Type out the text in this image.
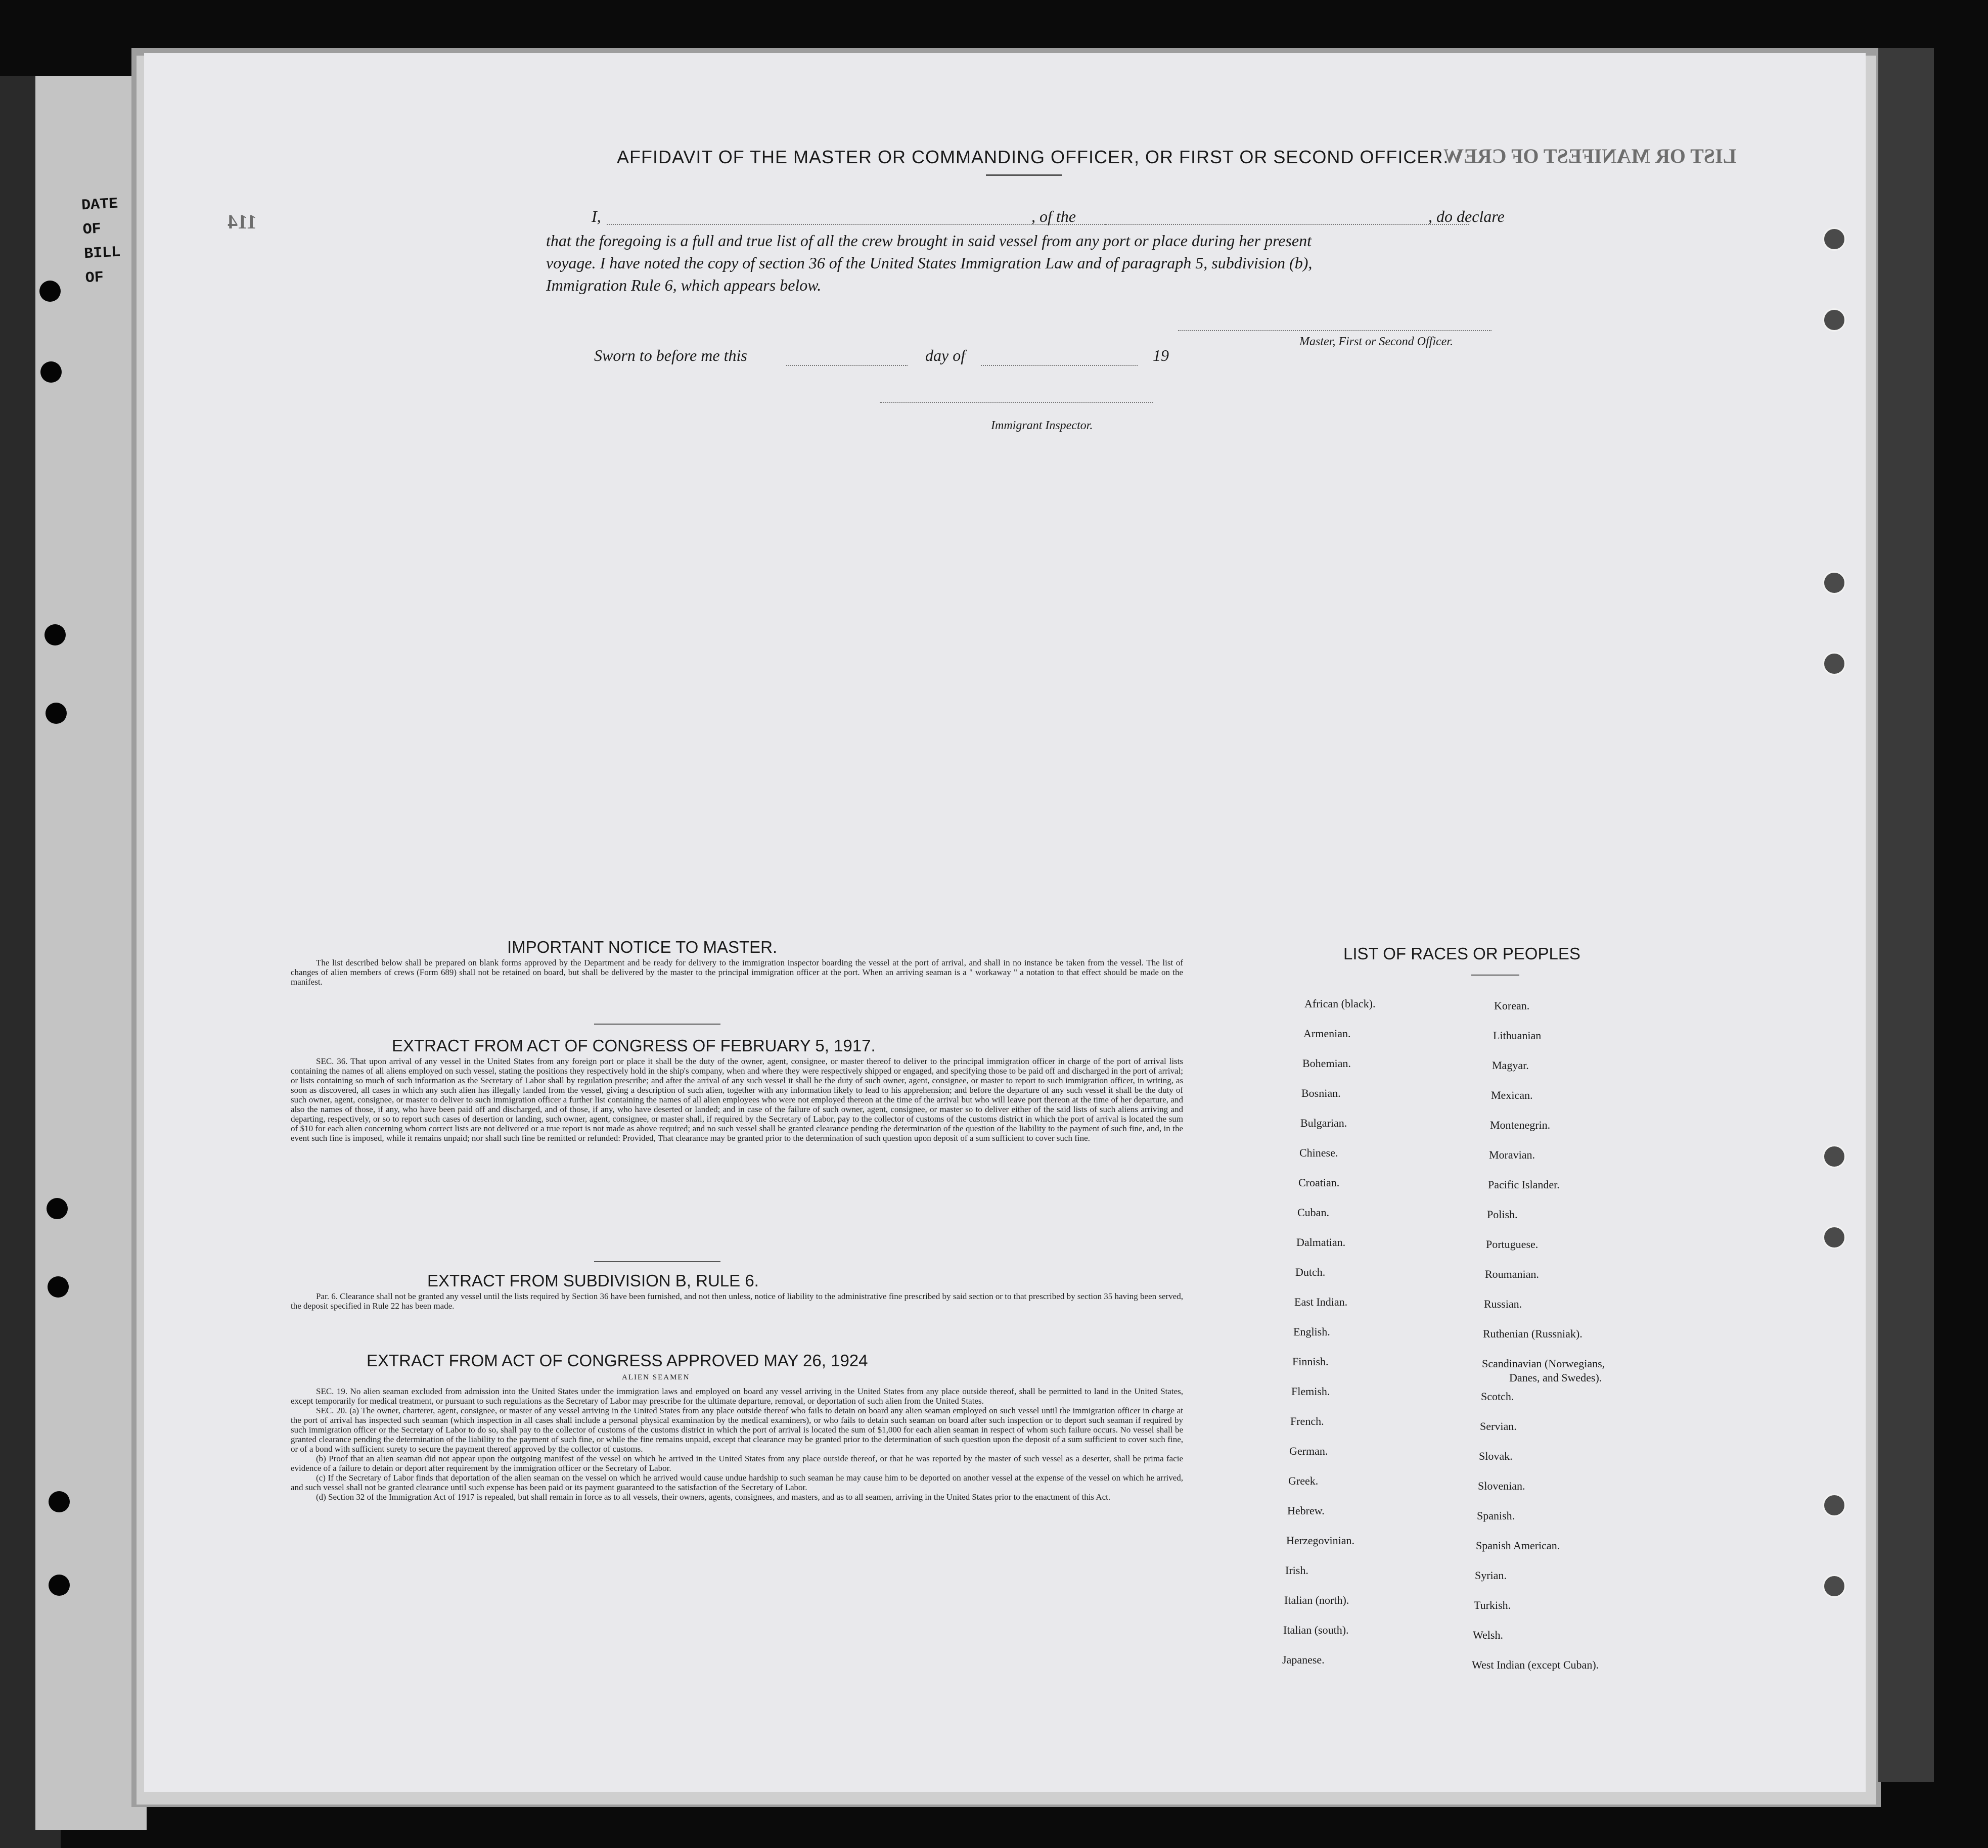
DATE OF BILL OF
LIST OR MANIFEST OF CREW
114
AFFIDAVIT OF THE MASTER OR COMMANDING OFFICER, OR FIRST OR SECOND OFFICER.
I,	, of the	, do declare
that the foregoing is a full and true list of all the crew brought in said vessel from any port or place during her present
voyage. I have noted the copy of section 36 of the United States Immigration Law and of paragraph 5, subdivision (b),
Immigration Rule 6, which appears below.
Master, First or Second Officer.
Sworn to before me this	day of	19
Immigrant Inspector.
IMPORTANT NOTICE TO MASTER.
The list described below shall be prepared on blank forms approved by the Department and be ready for delivery to the immigration inspector boarding the vessel at the port of arrival, and shall in no instance be taken from the vessel. The list of changes of alien members of crews (Form 689) shall not be retained on board, but shall be delivered by the master to the principal immigration officer at the port. When an arriving seaman is a " workaway " a notation to that effect should be made on the manifest.
EXTRACT FROM ACT OF CONGRESS OF FEBRUARY 5, 1917.
SEC. 36. That upon arrival of any vessel in the United States from any foreign port or place it shall be the duty of the owner, agent, consignee, or master thereof to deliver to the principal immigration officer in charge of the port of arrival lists containing the names of all aliens employed on such vessel, stating the positions they respectively hold in the ship's company, when and where they were respectively shipped or engaged, and specifying those to be paid off and discharged in the port of arrival; or lists containing so much of such information as the Secretary of Labor shall by regulation prescribe; and after the arrival of any such vessel it shall be the duty of such owner, agent, consignee, or master to report to such immigration officer, in writing, as soon as discovered, all cases in which any such alien has illegally landed from the vessel, giving a description of such alien, together with any information likely to lead to his apprehension; and before the departure of any such vessel it shall be the duty of such owner, agent, consignee, or master to deliver to such immigration officer a further list containing the names of all alien employees who were not employed thereon at the time of the arrival but who will leave port thereon at the time of her departure, and also the names of those, if any, who have been paid off and discharged, and of those, if any, who have deserted or landed; and in case of the failure of such owner, agent, consignee, or master so to deliver either of the said lists of such aliens arriving and departing, respectively, or so to report such cases of desertion or landing, such owner, agent, consignee, or master shall, if required by the Secretary of Labor, pay to the collector of customs of the customs district in which the port of arrival is located the sum of $10 for each alien concerning whom correct lists are not delivered or a true report is not made as above required; and no such vessel shall be granted clearance pending the determination of the question of the liability to the payment of such fine, and, in the event such fine is imposed, while it remains unpaid; nor shall such fine be remitted or refunded: Provided, That clearance may be granted prior to the determination of such question upon deposit of a sum sufficient to cover such fine.
EXTRACT FROM SUBDIVISION B, RULE 6.
Par. 6. Clearance shall not be granted any vessel until the lists required by Section 36 have been furnished, and not then unless, notice of liability to the administrative fine prescribed by said section or to that prescribed by section 35 having been served, the deposit specified in Rule 22 has been made.
EXTRACT FROM ACT OF CONGRESS APPROVED MAY 26, 1924
ALIEN SEAMEN
SEC. 19. No alien seaman excluded from admission into the United States under the immigration laws and employed on board any vessel arriving in the United States from any place outside thereof, shall be permitted to land in the United States, except temporarily for medical treatment, or pursuant to such regulations as the Secretary of Labor may prescribe for the ultimate departure, removal, or deportation of such alien from the United States.
SEC. 20. (a) The owner, charterer, agent, consignee, or master of any vessel arriving in the United States from any place outside thereof who fails to detain on board any alien seaman employed on such vessel until the immigration officer in charge at the port of arrival has inspected such seaman (which inspection in all cases shall include a personal physical examination by the medical examiners), or who fails to detain such seaman on board after such inspection or to deport such seaman if required by such immigration officer or the Secretary of Labor to do so, shall pay to the collector of customs of the customs district in which the port of arrival is located the sum of $1,000 for each alien seaman in respect of whom such failure occurs. No vessel shall be granted clearance pending the determination of the liability to the payment of such fine, or while the fine remains unpaid, except that clearance may be granted prior to the determination of such question upon the deposit of a sum sufficient to cover such fine, or of a bond with sufficient surety to secure the payment thereof approved by the collector of customs.
(b) Proof that an alien seaman did not appear upon the outgoing manifest of the vessel on which he arrived in the United States from any place outside thereof, or that he was reported by the master of such vessel as a deserter, shall be prima facie evidence of a failure to detain or deport after requirement by the immigration officer or the Secretary of Labor.
(c) If the Secretary of Labor finds that deportation of the alien seaman on the vessel on which he arrived would cause undue hardship to such seaman he may cause him to be deported on another vessel at the expense of the vessel on which he arrived, and such vessel shall not be granted clearance until such expense has been paid or its payment guaranteed to the satisfaction of the Secretary of Labor.
(d) Section 32 of the Immigration Act of 1917 is repealed, but shall remain in force as to all vessels, their owners, agents, consignees, and masters, and as to all seamen, arriving in the United States prior to the enactment of this Act.
LIST OF RACES OR PEOPLES
African (black).
Armenian.
Bohemian.
Bosnian.
Bulgarian.
Chinese.
Croatian.
Cuban.
Dalmatian.
Dutch.
East Indian.
English.
Finnish.
Flemish.
French.
German.
Greek.
Hebrew.
Herzegovinian.
Irish.
Italian (north).
Italian (south).
Japanese.
Korean.
Lithuanian
Magyar.
Mexican.
Montenegrin.
Moravian.
Pacific Islander.
Polish.
Portuguese.
Roumanian.
Russian.
Ruthenian (Russniak).
Scandinavian (Norwegians,
Danes, and Swedes).
Scotch.
Servian.
Slovak.
Slovenian.
Spanish.
Spanish American.
Syrian.
Turkish.
Welsh.
West Indian (except Cuban).
